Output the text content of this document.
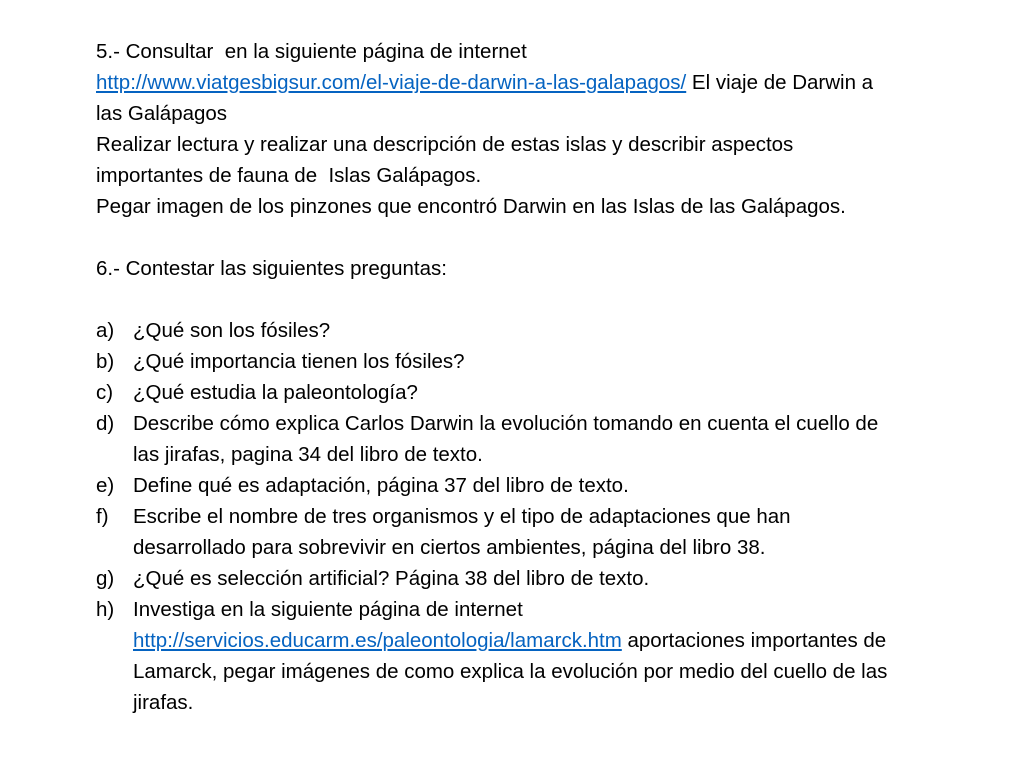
5.- Consultar  en la siguiente página de internet
http://www.viatgesbigsur.com/el-viaje-de-darwin-a-las-galapagos/ El viaje de Darwin a las Galápagos

Realizar lectura y realizar una descripción de estas islas y describir aspectos importantes de fauna de  Islas Galápagos.

Pegar imagen de los pinzones que encontró Darwin en las Islas de las Galápagos.

6.- Contestar las siguientes preguntas:

a) ¿Qué son los fósiles?
b) ¿Qué importancia tienen los fósiles?
c) ¿Qué estudia la paleontología?
d) Describe cómo explica Carlos Darwin la evolución tomando en cuenta el cuello de las jirafas, pagina 34 del libro de texto.
e) Define qué es adaptación, página 37 del libro de texto.
f) Escribe el nombre de tres organismos y el tipo de adaptaciones que han desarrollado para sobrevivir en ciertos ambientes, página del libro 38.
g) ¿Qué es selección artificial? Página 38 del libro de texto.
h) Investiga en la siguiente página de internet http://servicios.educarm.es/paleontologia/lamarck.htm aportaciones importantes de Lamarck, pegar imágenes de como explica la evolución por medio del cuello de las jirafas.
